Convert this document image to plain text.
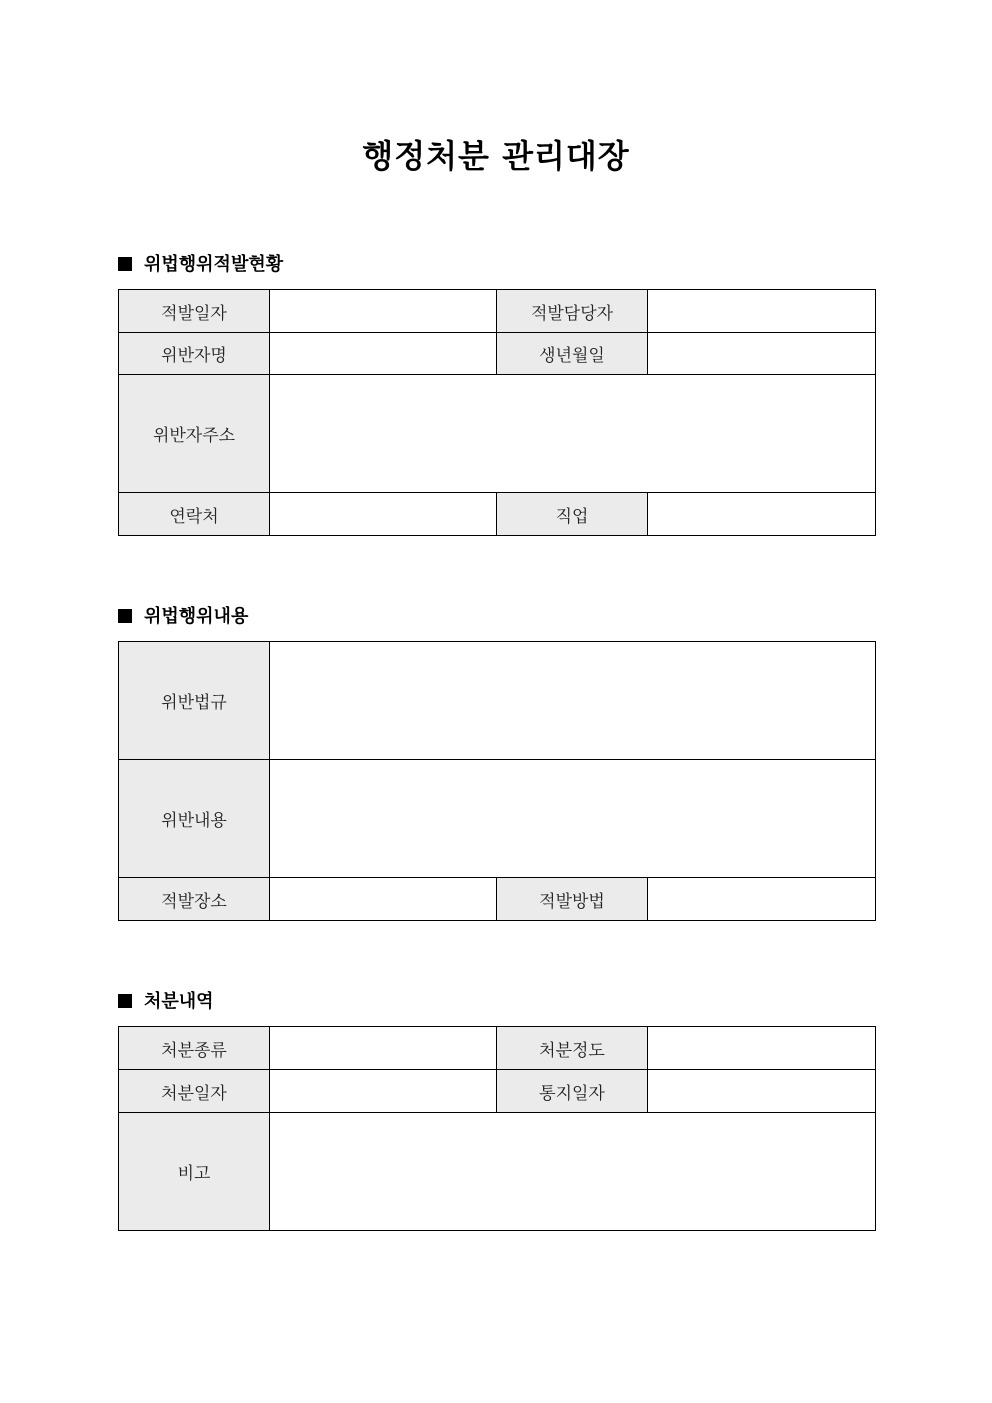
행정처분 관리대장
위법행위적발현황
적발일자		적발담당자	
위반자명		생년월일	
위반자주소			
연락처		직업	
위법행위내용
위반법규			
위반내용			
적발장소		적발방법	
처분내역
처분종류		처분정도	
처분일자		통지일자	
비고			
